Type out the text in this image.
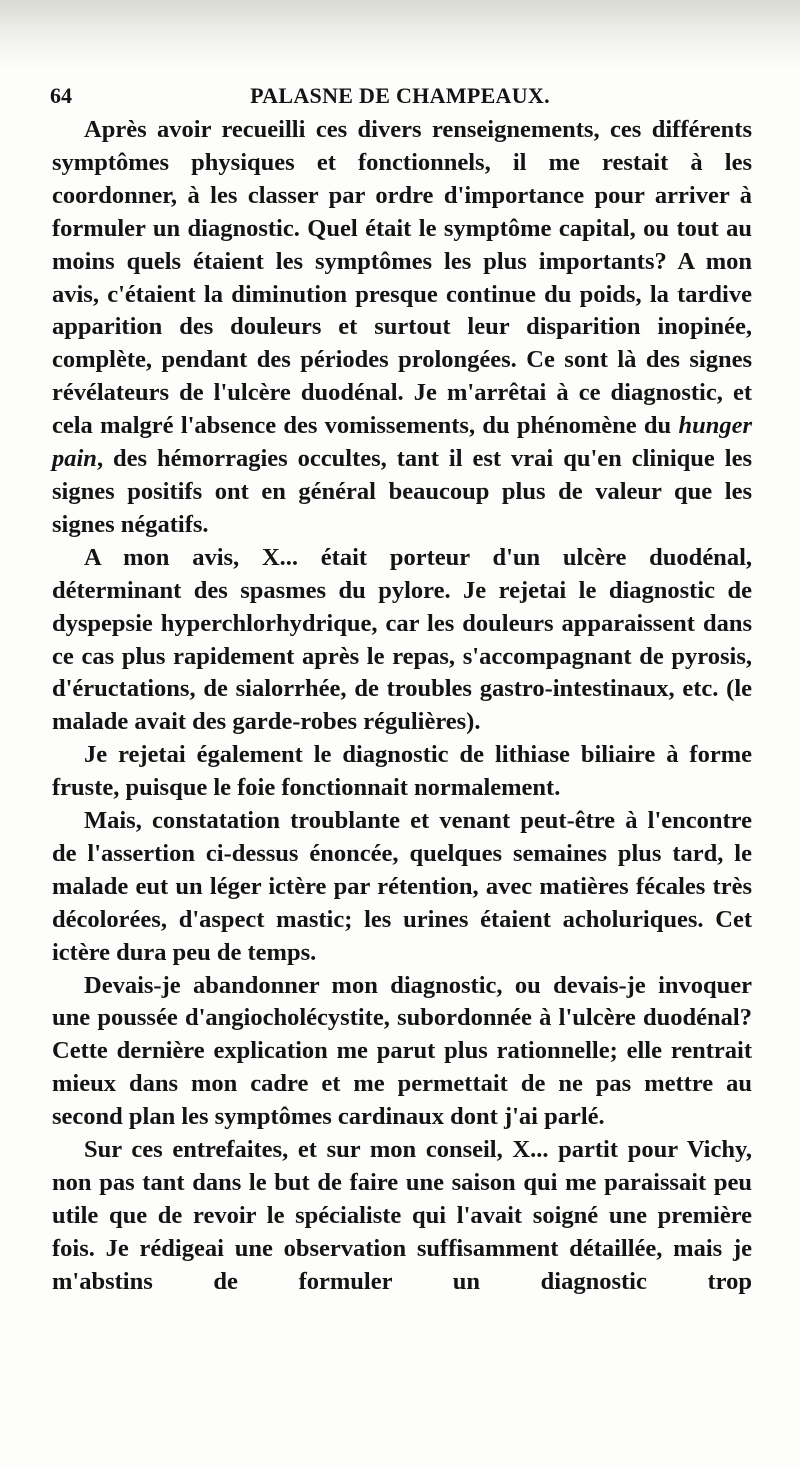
64	PALASNE DE CHAMPEAUX.

Après avoir recueilli ces divers renseignements, ces différents symptômes physiques et fonctionnels, il me restait à les coordonner, à les classer par ordre d'importance pour arriver à formuler un diagnostic. Quel était le symptôme capital, ou tout au moins quels étaient les symptômes les plus importants? A mon avis, c'étaient la diminution presque continue du poids, la tardive apparition des douleurs et surtout leur disparition inopinée, complète, pendant des périodes prolongées. Ce sont là des signes révélateurs de l'ulcère duodénal. Je m'arrêtai à ce diagnostic, et cela malgré l'absence des vomissements, du phénomène du hunger pain, des hémorragies occultes, tant il est vrai qu'en clinique les signes positifs ont en général beaucoup plus de valeur que les signes négatifs.

A mon avis, X... était porteur d'un ulcère duodénal, déterminant des spasmes du pylore. Je rejetai le diagnostic de dyspepsie hyperchlorhydrique, car les douleurs apparaissent dans ce cas plus rapidement après le repas, s'accompagnant de pyrosis, d'éructations, de sialorrhée, de troubles gastro-intestinaux, etc. (le malade avait des garde-robes régulières).

Je rejetai également le diagnostic de lithiase biliaire à forme fruste, puisque le foie fonctionnait normalement.

Mais, constatation troublante et venant peut-être à l'encontre de l'assertion ci-dessus énoncée, quelques semaines plus tard, le malade eut un léger ictère par rétention, avec matières fécales très décolorées, d'aspect mastic; les urines étaient acholuriques. Cet ictère dura peu de temps.

Devais-je abandonner mon diagnostic, ou devais-je invoquer une poussée d'angiocholécystite, subordonnée à l'ulcère duodénal? Cette dernière explication me parut plus rationnelle; elle rentrait mieux dans mon cadre et me permettait de ne pas mettre au second plan les symptômes cardinaux dont j'ai parlé.

Sur ces entrefaites, et sur mon conseil, X... partit pour Vichy, non pas tant dans le but de faire une saison qui me paraissait peu utile que de revoir le spécialiste qui l'avait soigné une première fois. Je rédigeai une observation suffisamment détaillée, mais je m'abstins de formuler un diagnostic trop
